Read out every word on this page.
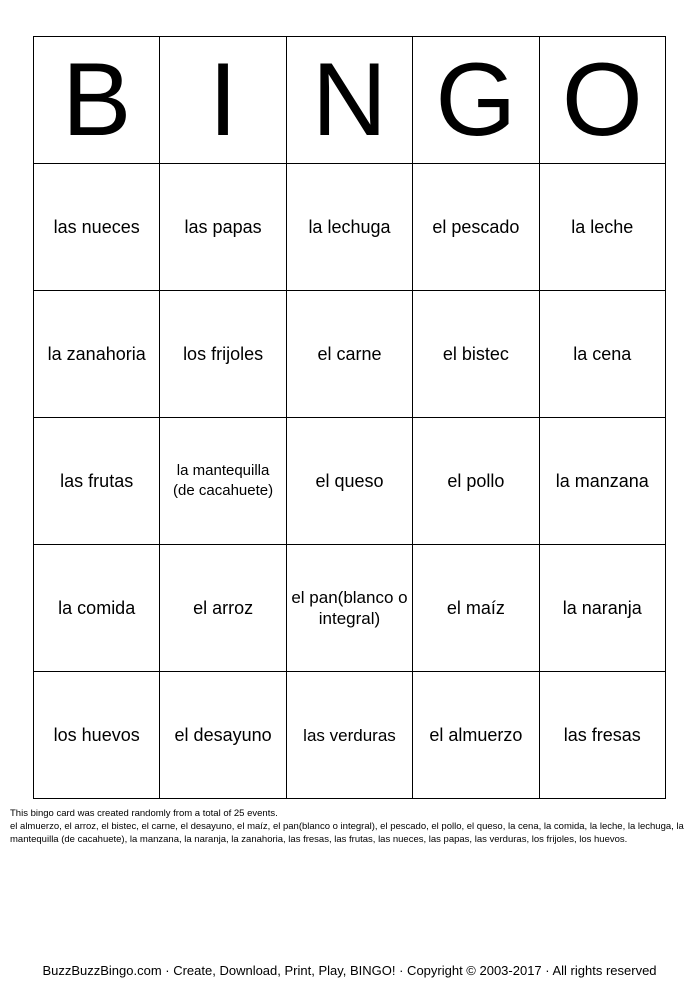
B	I	N	G	O
las nueces	las papas	la lechuga	el pescado	la leche
la zanahoria	los frijoles	el carne	el bistec	la cena
las frutas	la mantequilla (de cacahuete)	el queso	el pollo	la manzana
la comida	el arroz	el pan(blanco o integral)	el maíz	la naranja
los huevos	el desayuno	las verduras	el almuerzo	las fresas

This bingo card was created randomly from a total of 25 events.

el almuerzo, el arroz, el bistec, el carne, el desayuno, el maíz, el pan(blanco o integral), el pescado, el pollo, el queso, la cena, la comida, la leche, la lechuga, la mantequilla (de cacahuete), la manzana, la naranja, la zanahoria, las fresas, las frutas, las nueces, las papas, las verduras, los frijoles, los huevos.

BuzzBuzzBingo.com · Create, Download, Print, Play, BINGO! · Copyright © 2003-2017 · All rights reserved
